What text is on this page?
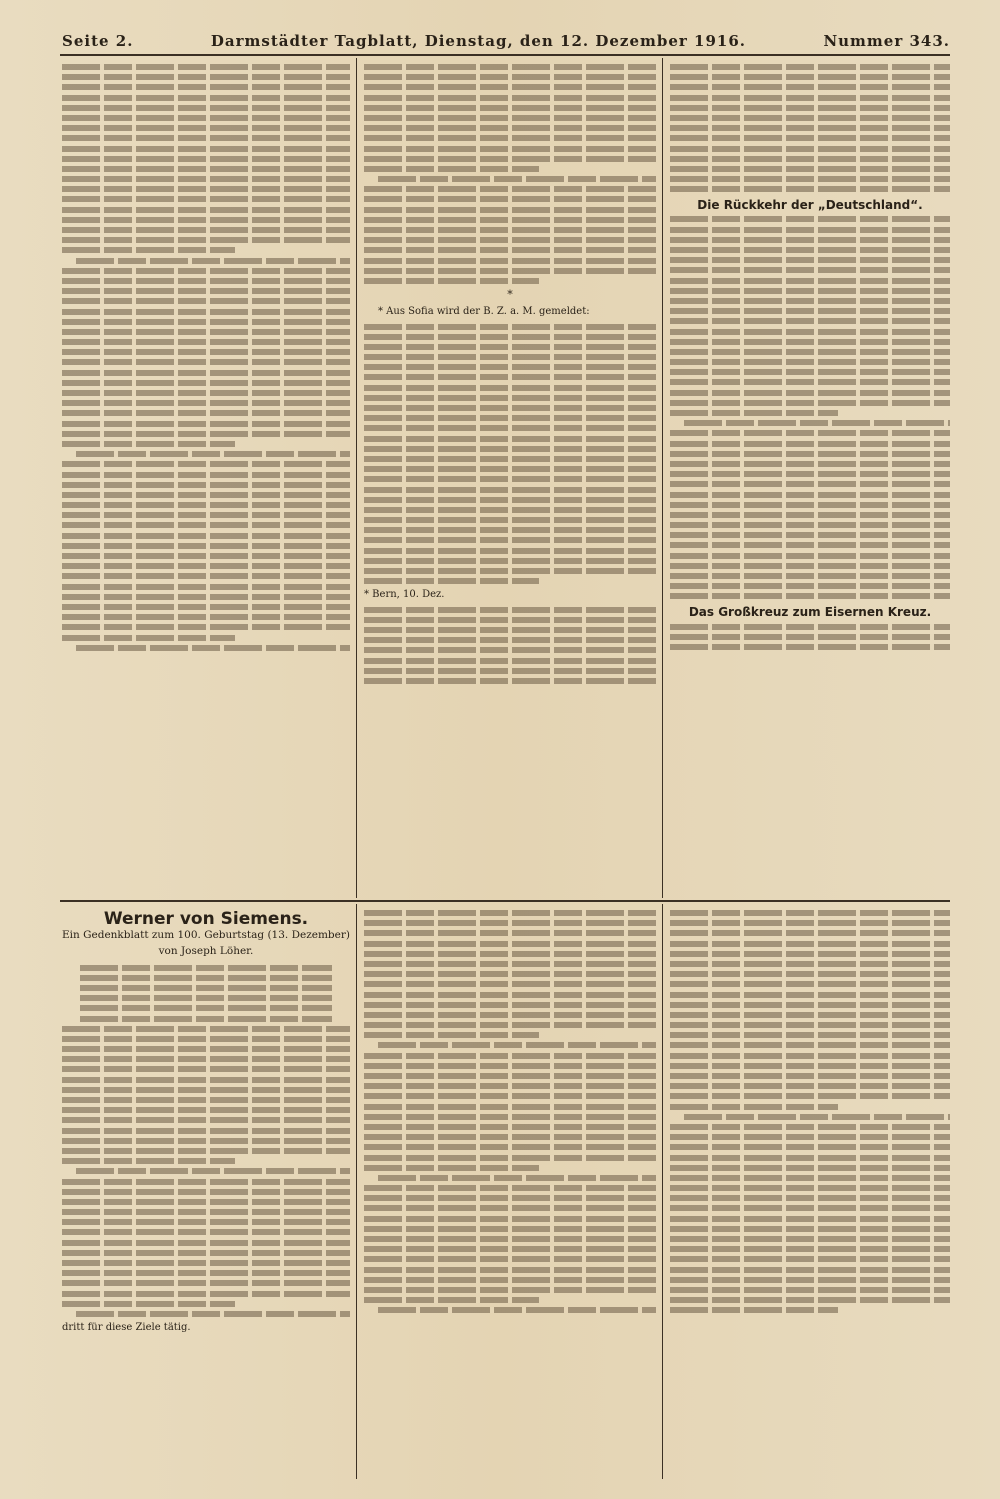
Seite 2.	Darmstädter Tagblatt, Dienstag, den 12. Dezember 1916.	Nummer 343.
*
* Aus Sofia wird der B. Z. a. M. gemeldet:
* Bern, 10. Dez.
Die Rückkehr der „Deutschland“.
Das Großkreuz zum Eisernen Kreuz.
Werner von Siemens.
Ein Gedenkblatt zum 100. Geburtstag (13. Dezember)
von Joseph Löher.
dritt für diese Ziele tätig.
